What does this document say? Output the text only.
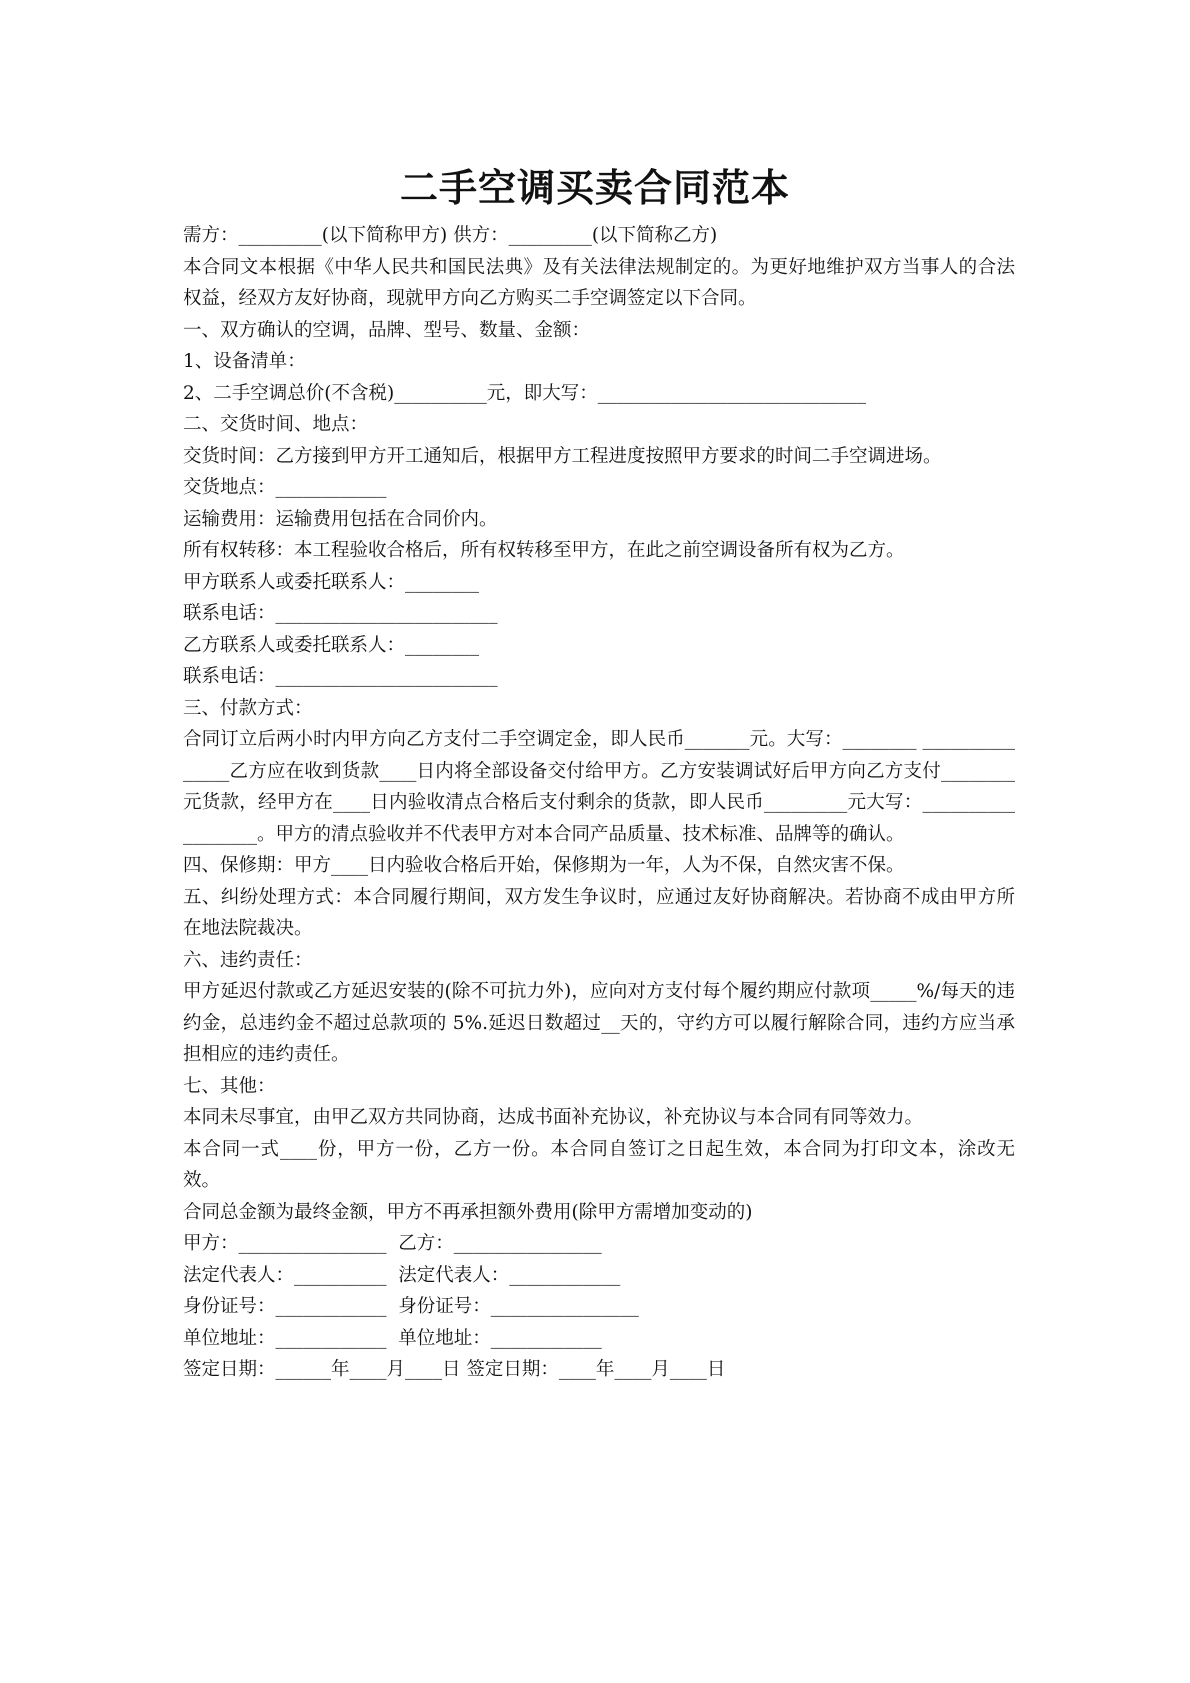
二手空调买卖合同范本

需方：_________(以下简称甲方) 供方：_________(以下简称乙方)

本合同文本根据《中华人民共和国民法典》及有关法律法规制定的。为更好地维护双方当事人的合法权益，经双方友好协商，现就甲方向乙方购买二手空调签定以下合同。

一、双方确认的空调，品牌、型号、数量、金额：

1、设备清单：

2、二手空调总价(不含税)__________元，即大写：_____________________________

二、交货时间、地点：

交货时间：乙方接到甲方开工通知后，根据甲方工程进度按照甲方要求的时间二手空调进场。

交货地点：____________

运输费用：运输费用包括在合同价内。

所有权转移：本工程验收合格后，所有权转移至甲方，在此之前空调设备所有权为乙方。

甲方联系人或委托联系人：________

联系电话：________________________

乙方联系人或委托联系人：________

联系电话：________________________

三、付款方式：

合同订立后两小时内甲方向乙方支付二手空调定金，即人民币_______元。大写：________ _______________乙方应在收到货款____日内将全部设备交付给甲方。乙方安装调试好后甲方向乙方支付________元货款，经甲方在____日内验收清点合格后支付剩余的货款，即人民币_________元大写：__________________。甲方的清点验收并不代表甲方对本合同产品质量、技术标准、品牌等的确认。

四、保修期：甲方____日内验收合格后开始，保修期为一年，人为不保，自然灾害不保。

五、纠纷处理方式：本合同履行期间，双方发生争议时，应通过友好协商解决。若协商不成由甲方所在地法院裁决。

六、违约责任：

甲方延迟付款或乙方延迟安装的(除不可抗力外)，应向对方支付每个履约期应付款项_____%/每天的违约金，总违约金不超过总款项的 5%.延迟日数超过__天的，守约方可以履行解除合同，违约方应当承担相应的违约责任。

七、其他：

本同未尽事宜，由甲乙双方共同协商，达成书面补充协议，补充协议与本合同有同等效力。

本合同一式____份，甲方一份，乙方一份。本合同自签订之日起生效，本合同为打印文本，涂改无效。

合同总金额为最终金额，甲方不再承担额外费用(除甲方需增加变动的)

甲方：________________  乙方：________________

法定代表人：__________  法定代表人：____________

身份证号：____________  身份证号：________________

单位地址：____________  单位地址：____________

签定日期：______年____月____日 签定日期：____年____月____日
